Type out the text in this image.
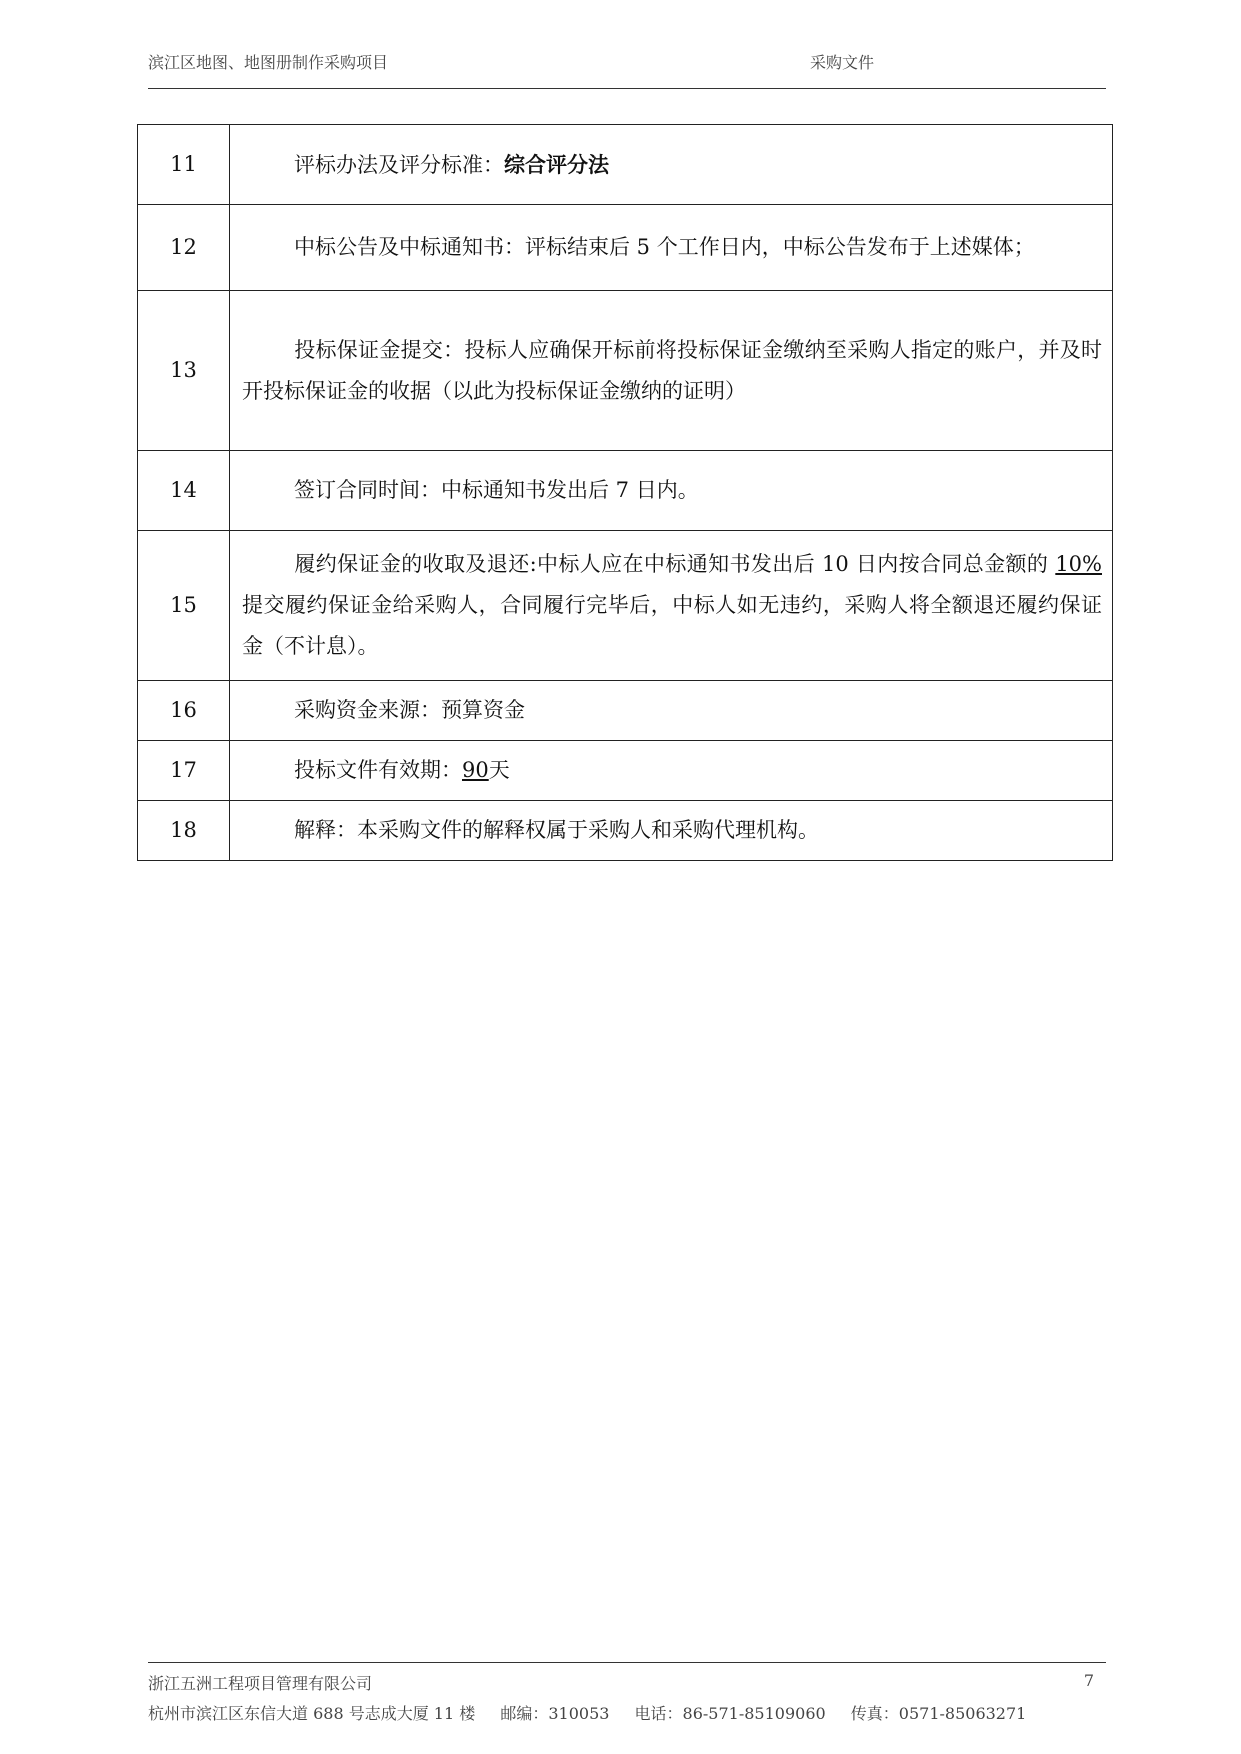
滨江区地图、地图册制作采购项目	采购文件
11	评标办法及评分标准：综合评分法
12	中标公告及中标通知书：评标结束后 5 个工作日内，中标公告发布于上述媒体；
13	投标保证金提交：投标人应确保开标前将投标保证金缴纳至采购人指定的账户，并及时开投标保证金的收据（以此为投标保证金缴纳的证明）
14	签订合同时间：中标通知书发出后 7 日内。
15	履约保证金的收取及退还:中标人应在中标通知书发出后 10 日内按合同总金额的 10%提交履约保证金给采购人，合同履行完毕后，中标人如无违约，采购人将全额退还履约保证金（不计息）。
16	采购资金来源：预算资金
17	投标文件有效期：90天
18	解释：本采购文件的解释权属于采购人和采购代理机构。
浙江五洲工程项目管理有限公司	7
杭州市滨江区东信大道 688 号志成大厦 11 楼 邮编：310053 电话：86-571-85109060 传真：0571-85063271
